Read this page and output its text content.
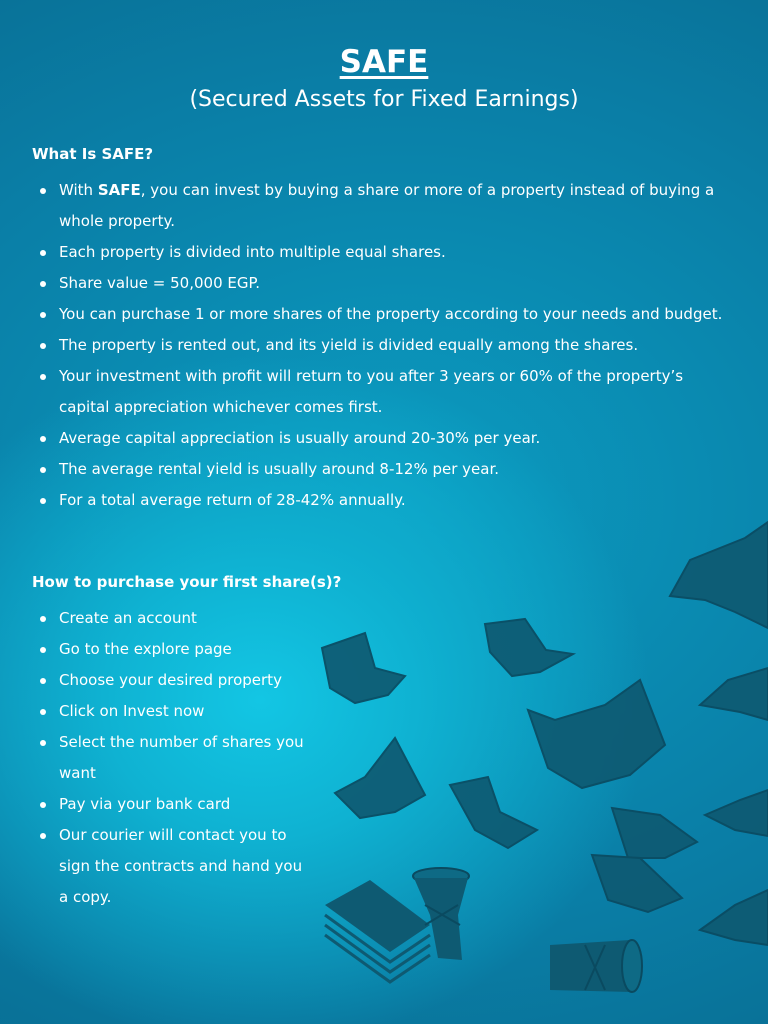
SAFE
(Secured Assets for Fixed Earnings)
What Is SAFE?
With SAFE, you can invest by buying a share or more of a property instead of buying a whole property.
Each property is divided into multiple equal shares.
Share value = 50,000 EGP.
You can purchase 1 or more shares of the property according to your needs and budget.
The property is rented out, and its yield is divided equally among the shares.
Your investment with profit will return to you after 3 years or 60% of the property’s capital appreciation whichever comes first.
Average capital appreciation is usually around 20-30% per year.
The average rental yield is usually around 8-12% per year.
For a total average return of 28-42% annually.
How to purchase your first share(s)?
Create an account
Go to the explore page
Choose your desired property
Click on Invest now
Select the number of shares you want
Pay via your bank card
Our courier will contact you to sign the contracts and hand you a copy.
